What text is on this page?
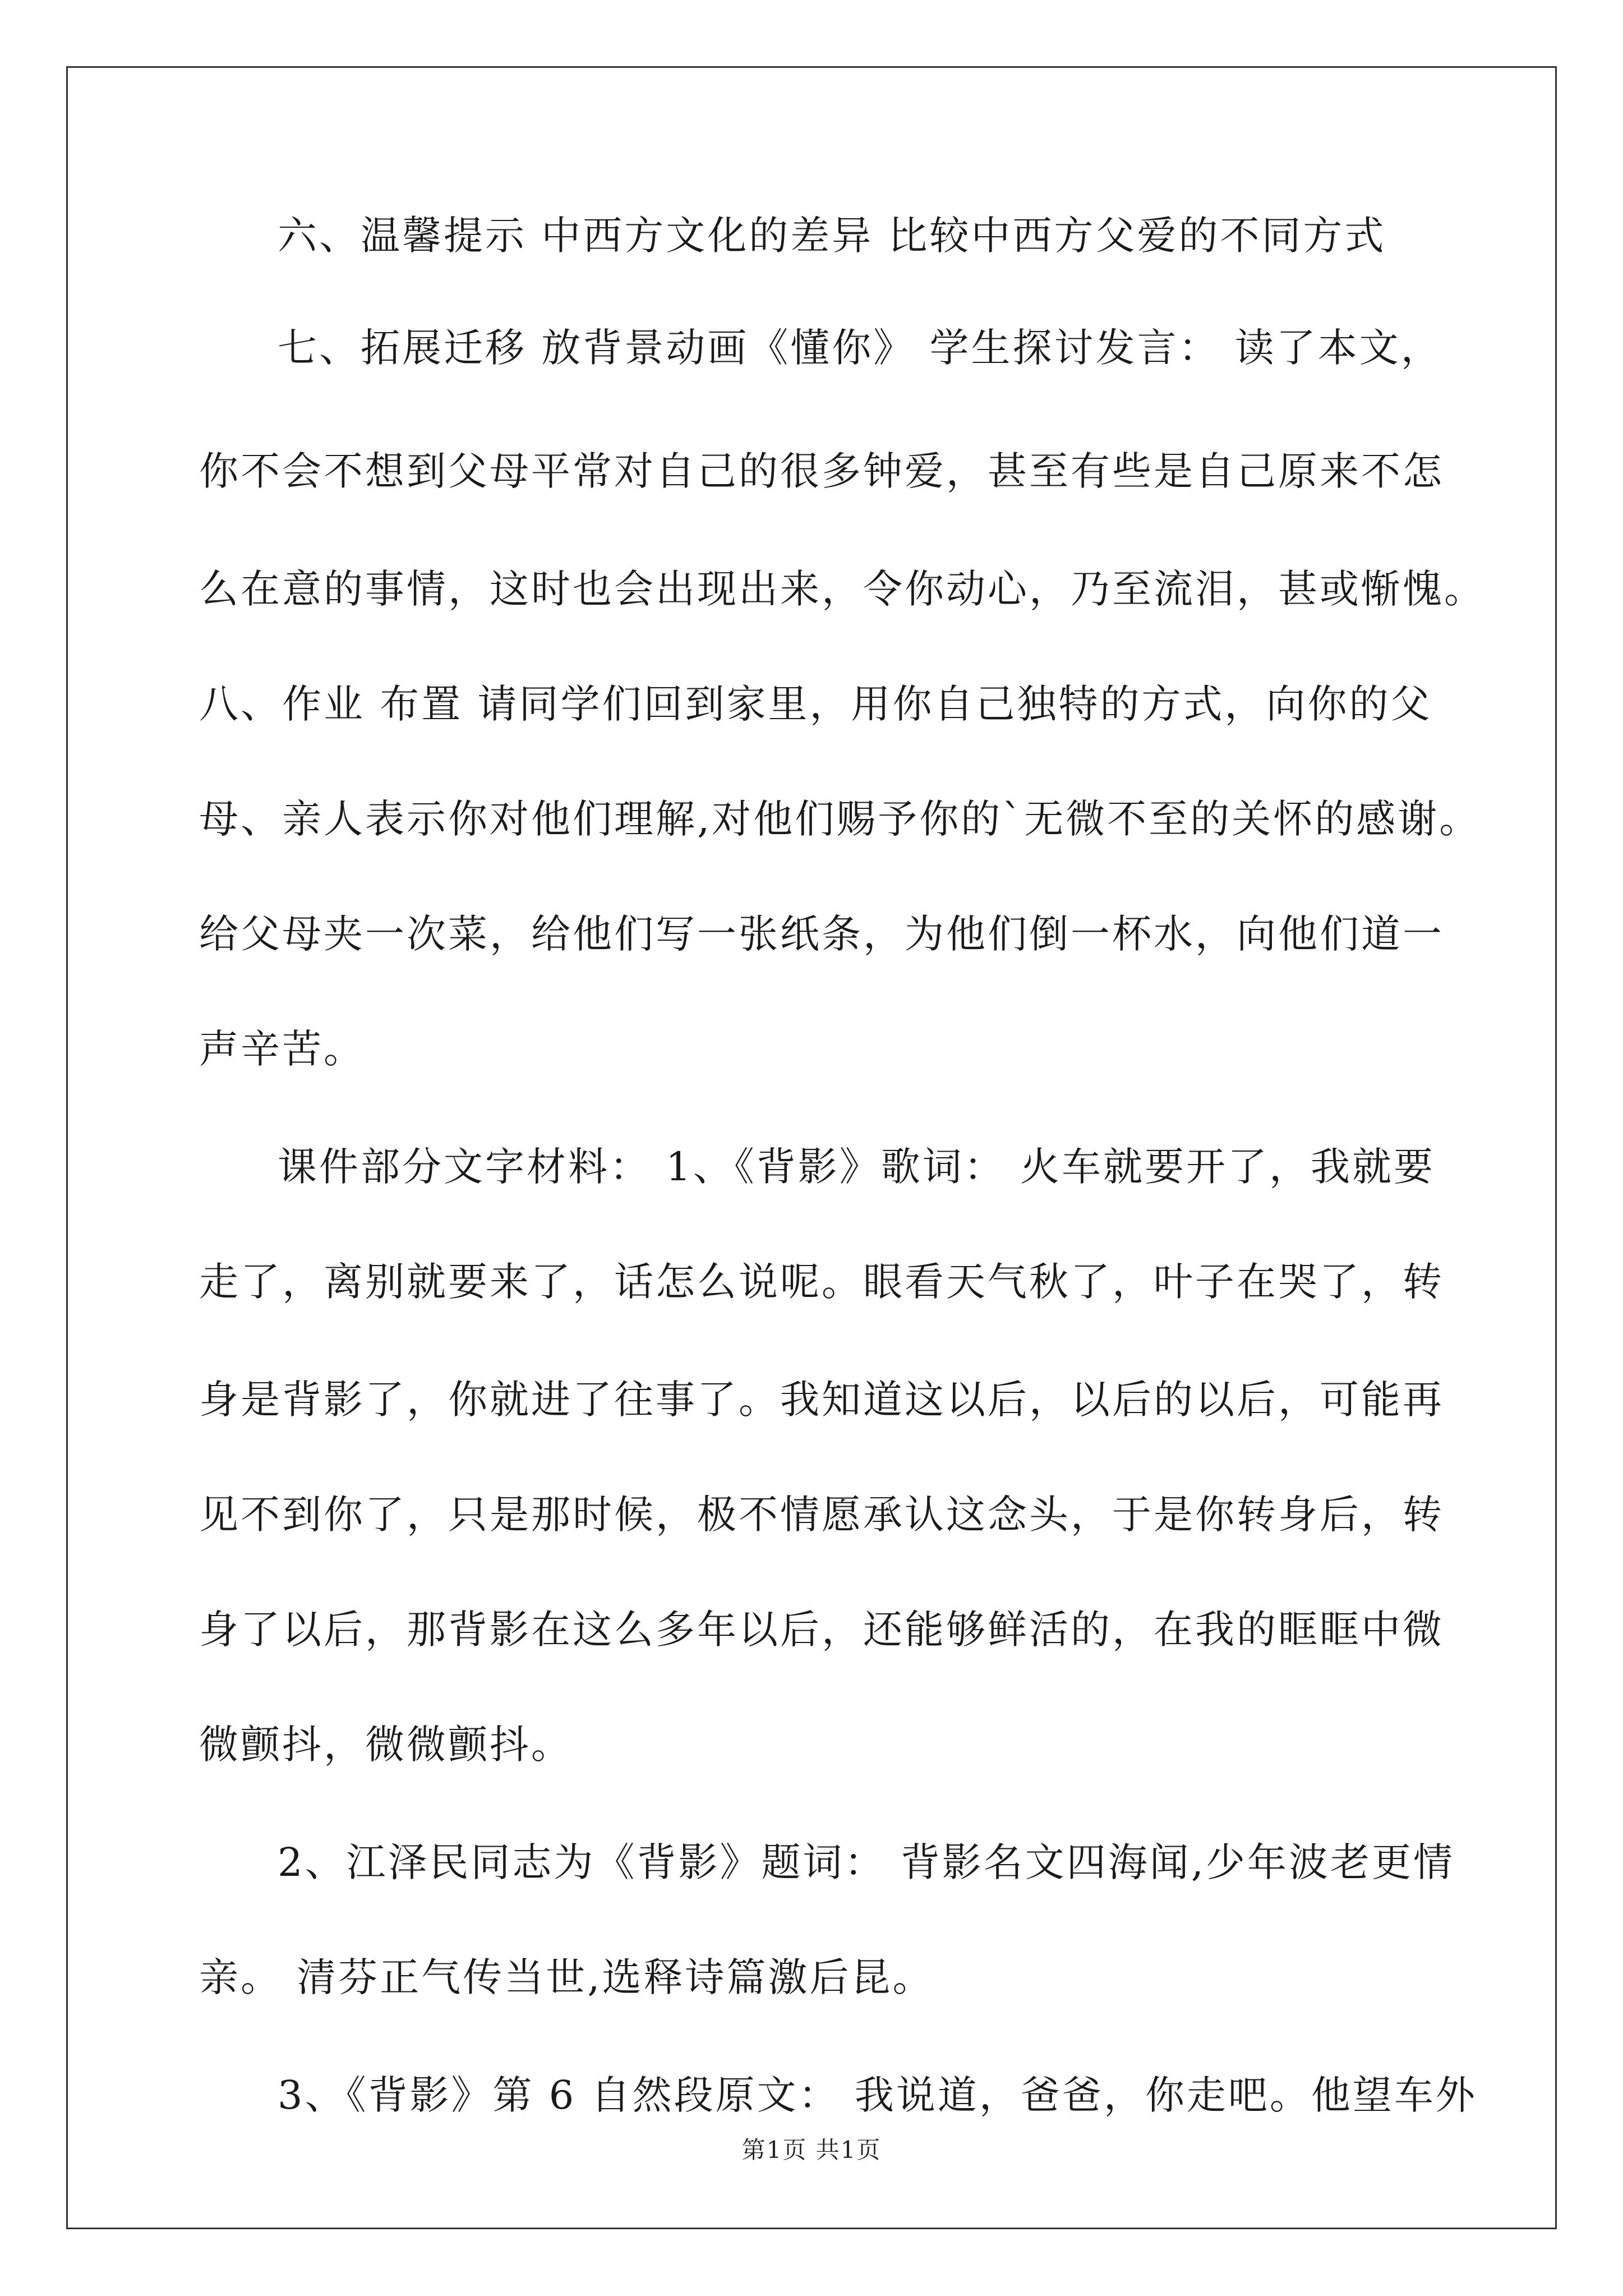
六、温馨提示 中西方文化的差异 比较中西方父爱的不同方式
七、拓展迁移 放背景动画《懂你》 学生探讨发言： 读了本文，
你不会不想到父母平常对自己的很多钟爱，甚至有些是自己原来不怎
么在意的事情，这时也会出现出来，令你动心，乃至流泪，甚或惭愧。
八、作业 布置 请同学们回到家里，用你自己独特的方式，向你的父
母、亲人表示你对他们理解,对他们赐予你的`无微不至的关怀的感谢。
给父母夹一次菜，给他们写一张纸条，为他们倒一杯水，向他们道一
声辛苦。
课件部分文字材料： 1、《背影》歌词： 火车就要开了，我就要
走了，离别就要来了，话怎么说呢。眼看天气秋了，叶子在哭了，转
身是背影了，你就进了往事了。我知道这以后，以后的以后，可能再
见不到你了，只是那时候，极不情愿承认这念头，于是你转身后，转
身了以后，那背影在这么多年以后，还能够鲜活的，在我的眶眶中微
微颤抖，微微颤抖。
2、江泽民同志为《背影》题词： 背影名文四海闻,少年波老更情
亲。 清芬正气传当世,选释诗篇激后昆。
3、《背影》第 6 自然段原文： 我说道，爸爸，你走吧。他望车外
第1页 共1页
